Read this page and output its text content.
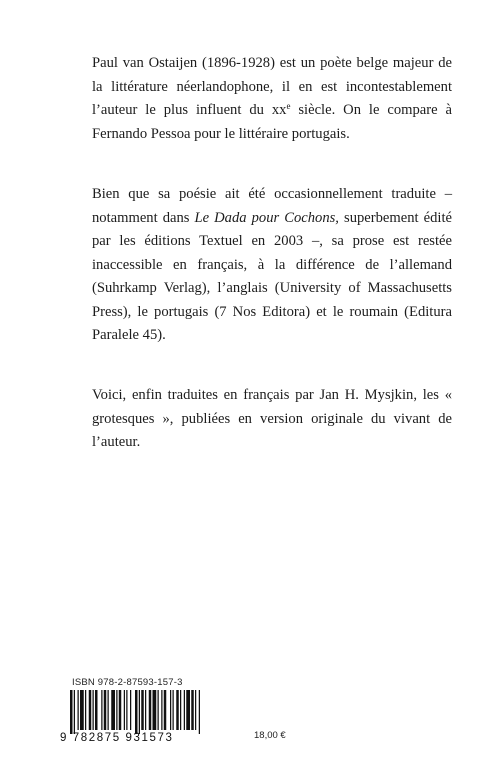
Paul van Ostaijen (1896-1928) est un poète belge majeur de la littérature néerlandophone, il en est incontestablement l’auteur le plus influent du $xx^e$ siècle. On le compare à Fernando Pessoa pour le littéraire portugais.

Bien que sa poésie ait été occasionnellement traduite – notamment dans Le Dada pour Cochons, superbement édité par les éditions Textuel en 2003 –, sa prose est restée inaccessible en français, à la différence de l’allemand (Suhrkamp Verlag), l’anglais (University of Massachusetts Press), le portugais (7 Nos Editora) et le roumain (Editura Paralele 45).

Voici, enfin traduites en français par Jan H. Mysjkin, les « grotesques », publiées en version originale du vivant de l’auteur.

ISBN 978-2-87593-157-3
9 782875 931573	18,00 €
